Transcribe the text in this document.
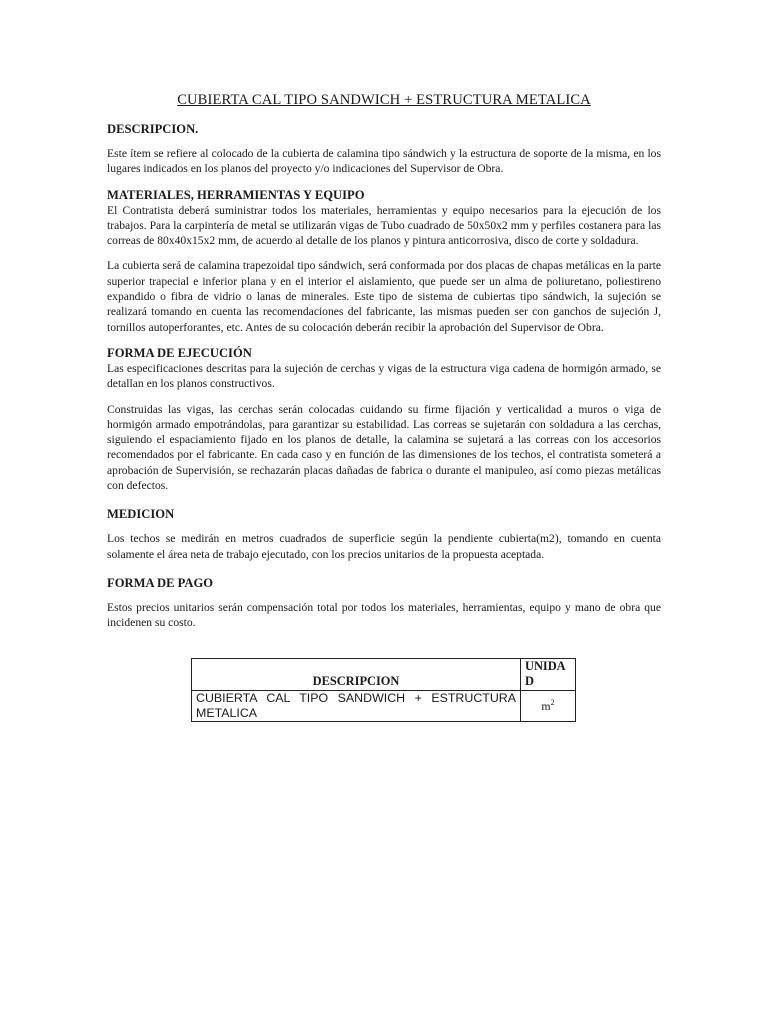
CUBIERTA CAL TIPO SANDWICH + ESTRUCTURA METALICA
DESCRIPCION.

Este ítem se refiere al colocado de la cubierta de calamina tipo sándwich y la estructura de soporte de la misma, en los lugares indicados en los planos del proyecto y/o indicaciones del Supervisor de Obra.

MATERIALES, HERRAMIENTAS Y EQUIPO

El Contratista deberá suministrar todos los materiales, herramientas y equipo necesarios para la ejecución de los trabajos. Para la carpintería de metal se utilizarán vigas de Tubo cuadrado de 50x50x2 mm y perfiles costanera para las correas de 80x40x15x2 mm, de acuerdo al detalle de los planos y pintura anticorrosiva, disco de corte y soldadura.

La cubierta será de calamina trapezoidal tipo sándwich, será conformada por dos placas de chapas metálicas en la parte superior trapecial e inferior plana y en el interior el aislamiento, que puede ser un alma de poliuretano, poliestireno expandido o fibra de vidrio o lanas de minerales. Este tipo de sistema de cubiertas tipo sándwich, la sujeción se realizará tomando en cuenta las recomendaciones del fabricante, las mismas pueden ser con ganchos de sujeción J, tornillos autoperforantes, etc. Antes de su colocación deberán recibir la aprobación del Supervisor de Obra.

FORMA DE EJECUCIÓN

Las especificaciones descritas para la sujeción de cerchas y vigas de la estructura viga cadena de hormigón armado, se detallan en los planos constructivos.

Construidas las vigas, las cerchas serán colocadas cuidando su firme fijación y verticalidad a muros o viga de hormigón armado empotrándolas, para garantizar su estabilidad. Las correas se sujetarán con soldadura a las cerchas, siguiendo el espaciamiento fijado en los planos de detalle, la calamina se sujetará a las correas con los accesorios recomendados por el fabricante. En cada caso y en función de las dimensiones de los techos, el contratista someterá a aprobación de Supervisión, se rechazarán placas dañadas de fabrica o durante el manipuleo, así como piezas metálicas con defectos.

MEDICION

Los techos se medirán en metros cuadrados de superficie según la pendiente cubierta(m2), tomando en cuenta solamente el área neta de trabajo ejecutado, con los precios unitarios de la propuesta aceptada.

FORMA DE PAGO

Estos precios unitarios serán compensación total por todos los materiales, herramientas, equipo y mano de obra que incidenen su costo.

DESCRIPCION	UNIDAD
CUBIERTA CAL TIPO SANDWICH + ESTRUCTURA METALICA	$m^2$
